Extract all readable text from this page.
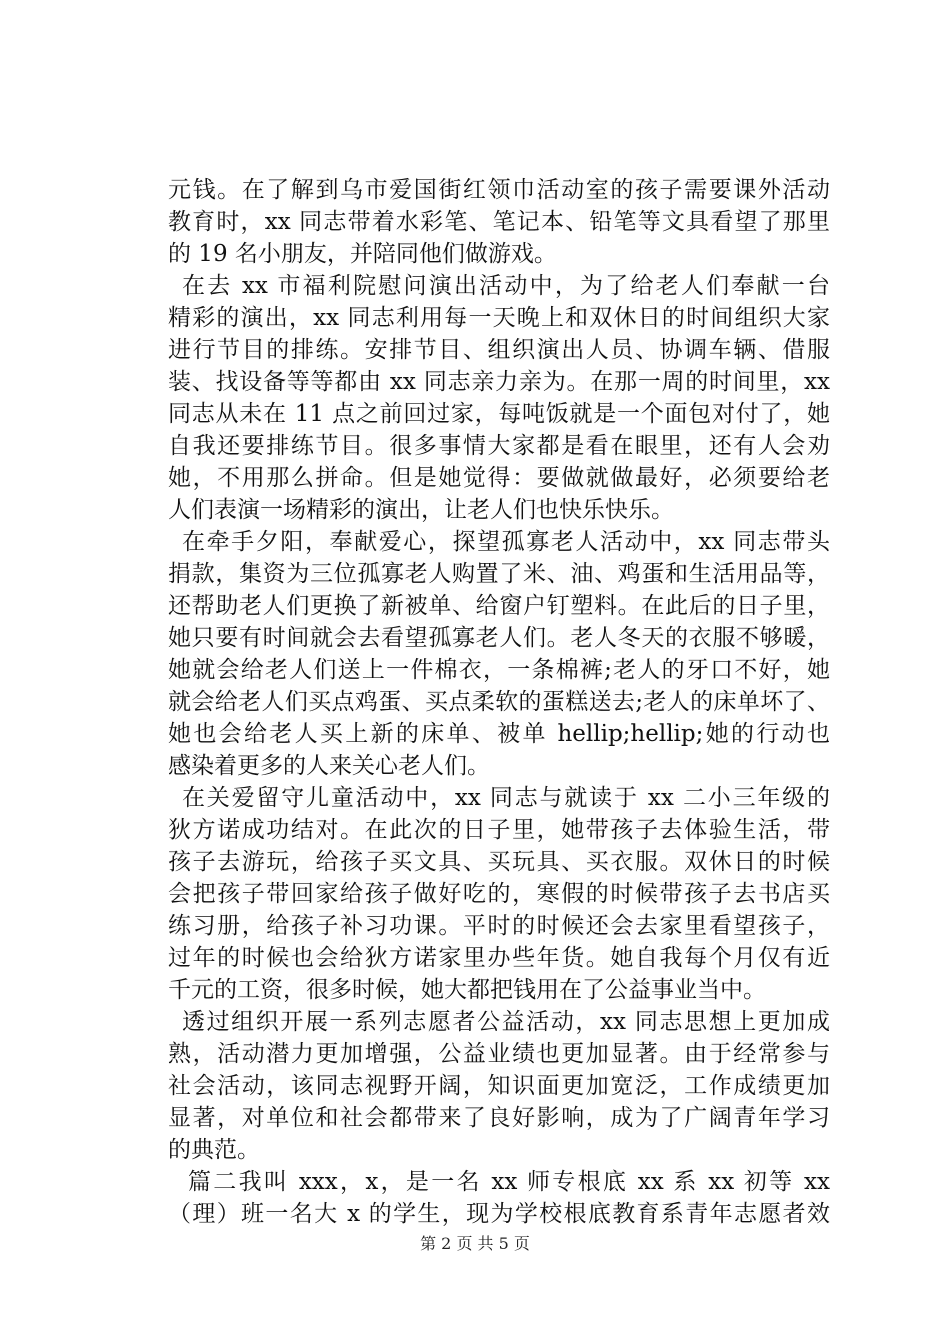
元钱。在了解到乌市爱国街红领巾活动室的孩子需要课外活动
教育时，xx 同志带着水彩笔、笔记本、铅笔等文具看望了那里
的 19 名小朋友，并陪同他们做游戏。
在去 xx 市福利院慰问演出活动中，为了给老人们奉献一台
精彩的演出，xx 同志利用每一天晚上和双休日的时间组织大家
进行节目的排练。安排节目、组织演出人员、协调车辆、借服
装、找设备等等都由 xx 同志亲力亲为。在那一周的时间里，xx
同志从未在 11 点之前回过家，每吨饭就是一个面包对付了，她
自我还要排练节目。很多事情大家都是看在眼里，还有人会劝
她，不用那么拼命。但是她觉得：要做就做最好，必须要给老
人们表演一场精彩的演出，让老人们也快乐快乐。
在牵手夕阳，奉献爱心，探望孤寡老人活动中，xx 同志带头
捐款，集资为三位孤寡老人购置了米、油、鸡蛋和生活用品等，
还帮助老人们更换了新被单、给窗户钉塑料。在此后的日子里，
她只要有时间就会去看望孤寡老人们。老人冬天的衣服不够暖，
她就会给老人们送上一件棉衣，一条棉裤;老人的牙口不好，她
就会给老人们买点鸡蛋、买点柔软的蛋糕送去;老人的床单坏了、
她也会给老人买上新的床单、被单 hellip;hellip;她的行动也
感染着更多的人来关心老人们。
在关爱留守儿童活动中，xx 同志与就读于 xx 二小三年级的
狄方诺成功结对。在此次的日子里，她带孩子去体验生活，带
孩子去游玩，给孩子买文具、买玩具、买衣服。双休日的时候
会把孩子带回家给孩子做好吃的，寒假的时候带孩子去书店买
练习册，给孩子补习功课。平时的时候还会去家里看望孩子，
过年的时候也会给狄方诺家里办些年货。她自我每个月仅有近
千元的工资，很多时候，她大都把钱用在了公益事业当中。
透过组织开展一系列志愿者公益活动，xx 同志思想上更加成
熟，活动潜力更加增强，公益业绩也更加显著。由于经常参与
社会活动，该同志视野开阔，知识面更加宽泛，工作成绩更加
显著，对单位和社会都带来了良好影响，成为了广阔青年学习
的典范。
篇二我叫 xxx，x，是一名 xx 师专根底 xx 系 xx 初等 xx
（理）班一名大 x 的学生，现为学校根底教育系青年志愿者效
第 2 页 共 5 页
